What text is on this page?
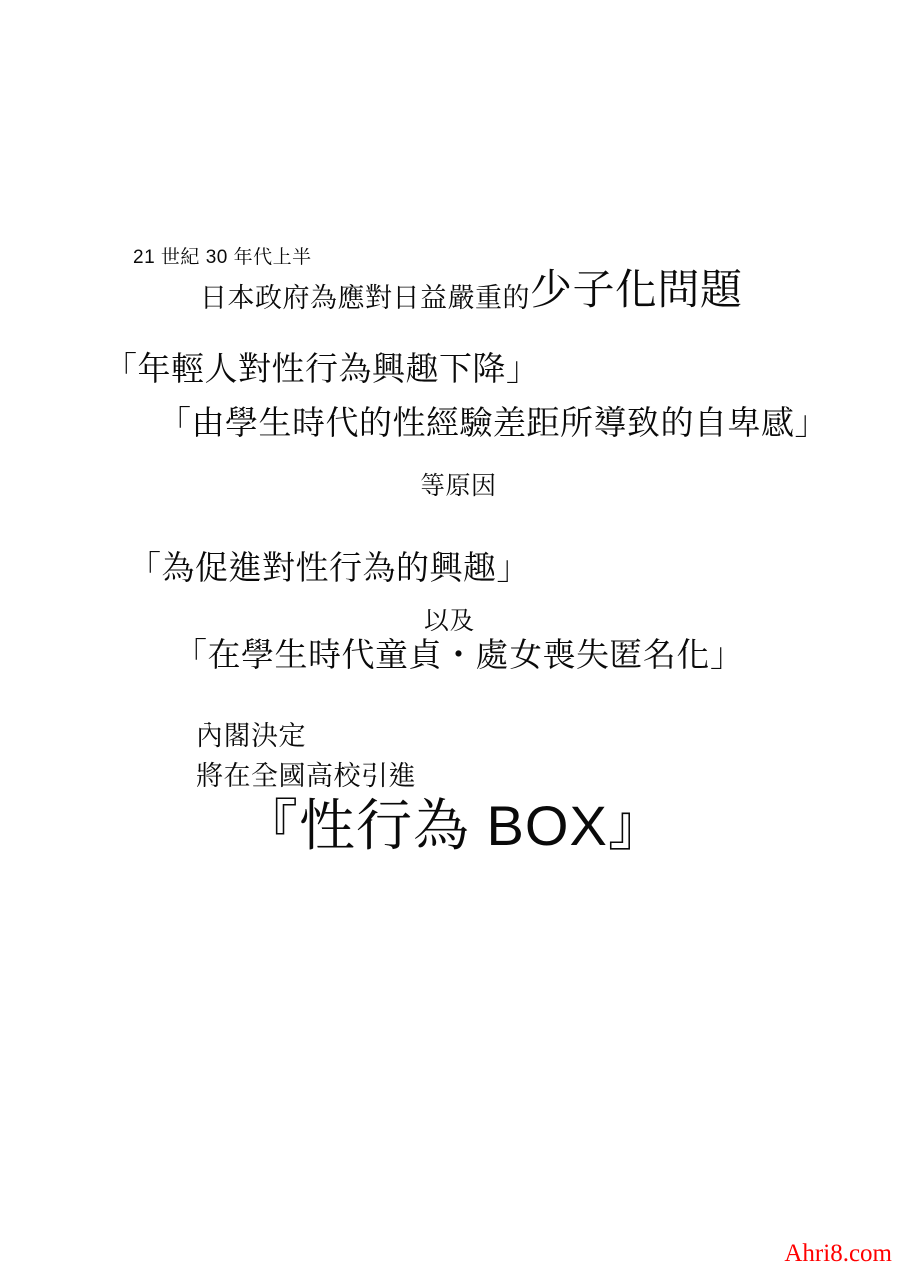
21 世紀 30 年代上半
日本政府為應對日益嚴重的 少子化問題
「年輕人對性行為興趣下降」
「由學生時代的性經驗差距所導致的自卑感」
等原因
「為促進對性行為的興趣」
以及
「在學生時代童貞・處女喪失匿名化」
內閣決定
將在全國高校引進
『性行為 BOX』
Ahri8.com
